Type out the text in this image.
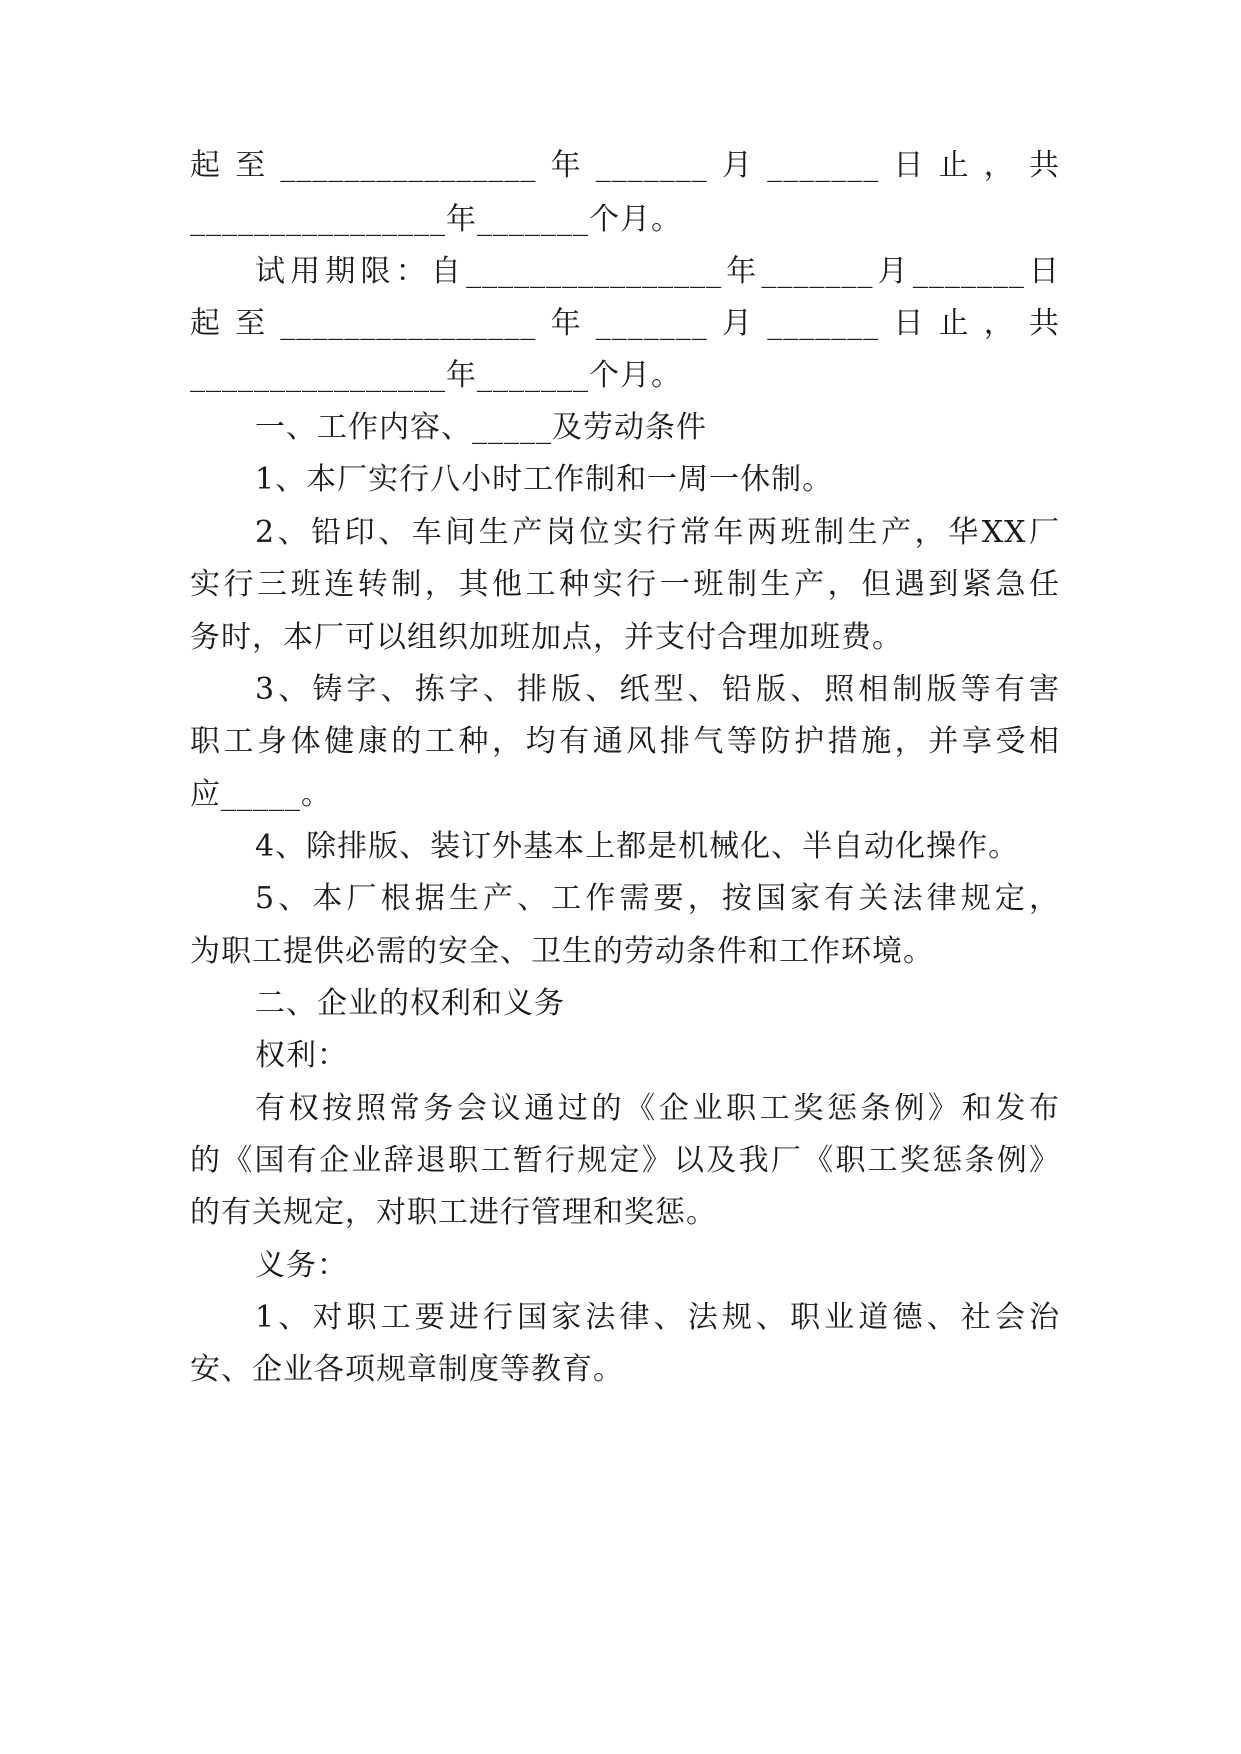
起至________________年_______月_______日止，共
________________年_______个月。
试用期限：自________________年_______月_______日
起至________________年_______月_______日止，共
________________年_______个月。
一、工作内容、_____及劳动条件
1、本厂实行八小时工作制和一周一休制。
2、铅印、车间生产岗位实行常年两班制生产，华XX厂
实行三班连转制，其他工种实行一班制生产，但遇到紧急任
务时，本厂可以组织加班加点，并支付合理加班费。
3、铸字、拣字、排版、纸型、铅版、照相制版等有害
职工身体健康的工种，均有通风排气等防护措施，并享受相
应_____。
4、除排版、装订外基本上都是机械化、半自动化操作。
5、本厂根据生产、工作需要，按国家有关法律规定，
为职工提供必需的安全、卫生的劳动条件和工作环境。
二、企业的权利和义务
权利：
有权按照常务会议通过的《企业职工奖惩条例》和发布
的《国有企业辞退职工暂行规定》以及我厂《职工奖惩条例》
的有关规定，对职工进行管理和奖惩。
义务：
1、对职工要进行国家法律、法规、职业道德、社会治
安、企业各项规章制度等教育。
